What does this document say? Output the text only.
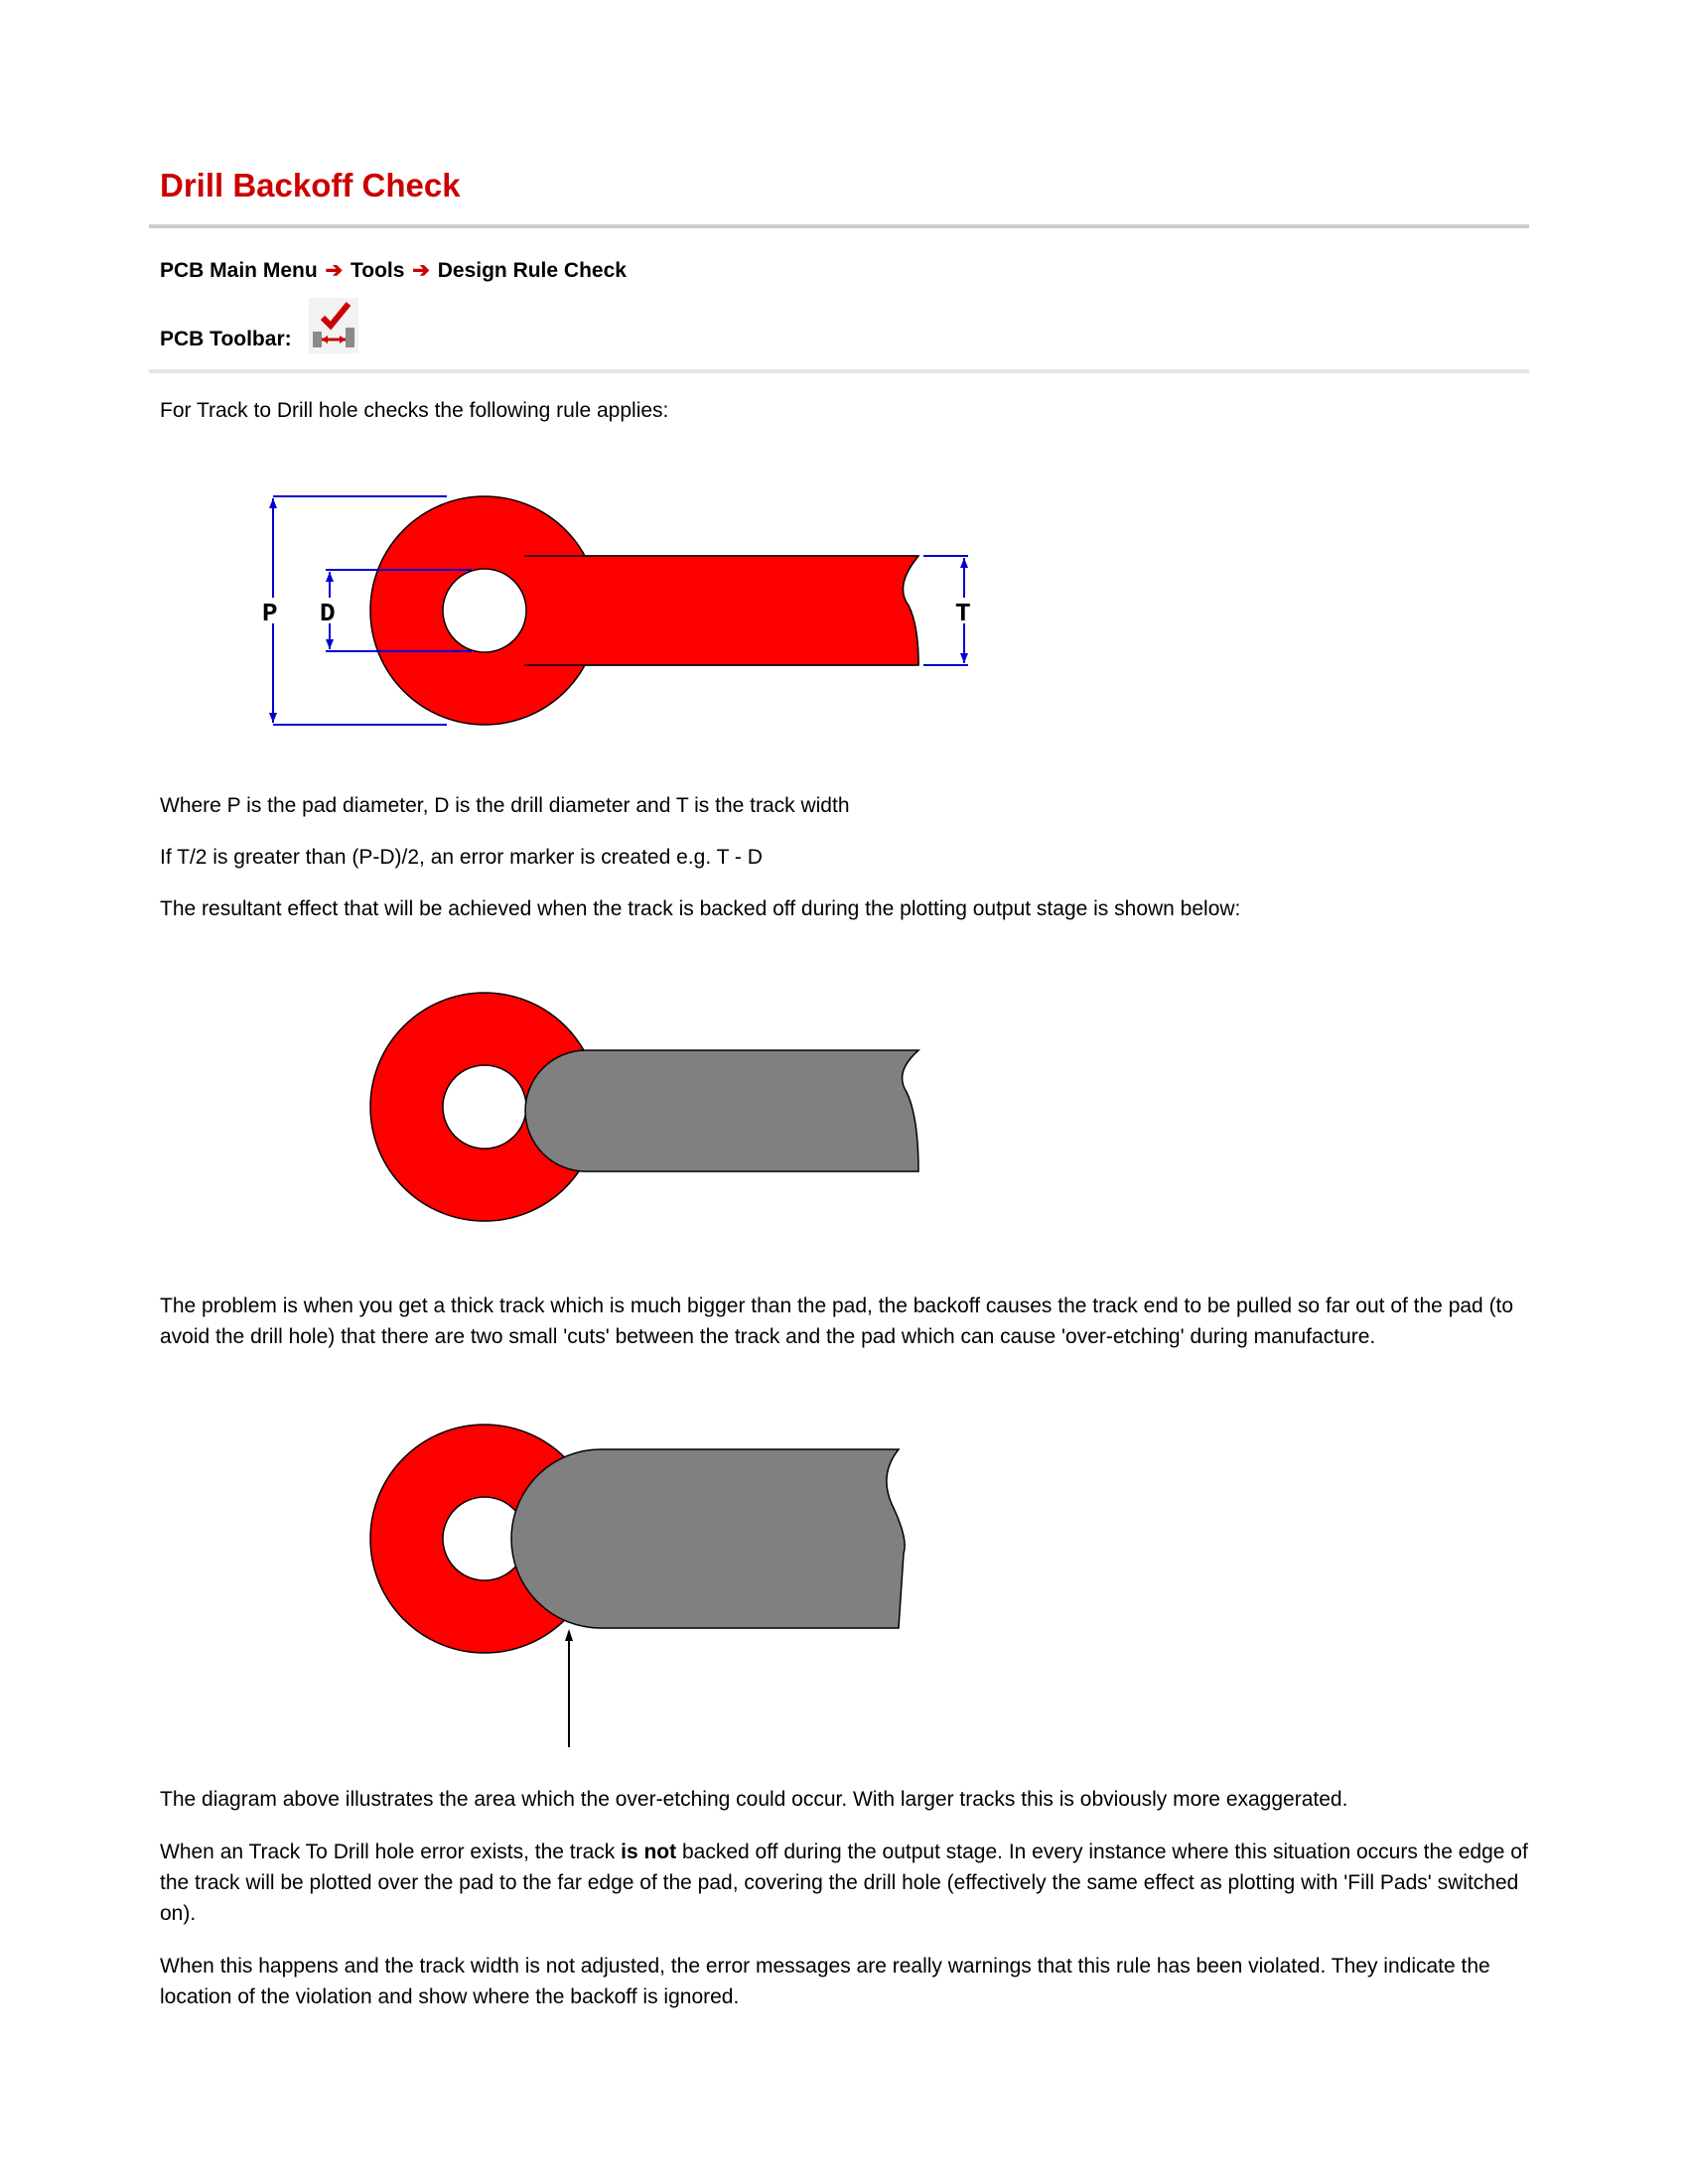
Drill Backoff Check
PCB Main Menu ➔ Tools ➔ Design Rule Check
PCB Toolbar:

For Track to Drill hole checks the following rule applies:

P D	T

Where P is the pad diameter, D is the drill diameter and T is the track width

If T/2 is greater than (P-D)/2, an error marker is created e.g. T - D

The resultant effect that will be achieved when the track is backed off during the plotting output stage is shown below:

The problem is when you get a thick track which is much bigger than the pad, the backoff causes the track end to be pulled so far out of the pad (to avoid the drill hole) that there are two small 'cuts' between the track and the pad which can cause 'over-etching' during manufacture.

The diagram above illustrates the area which the over-etching could occur. With larger tracks this is obviously more exaggerated.

When an Track To Drill hole error exists, the track is not backed off during the output stage. In every instance where this situation occurs the edge of the track will be plotted over the pad to the far edge of the pad, covering the drill hole (effectively the same effect as plotting with 'Fill Pads' switched on).

When this happens and the track width is not adjusted, the error messages are really warnings that this rule has been violated. They indicate the location of the violation and show where the backoff is ignored.
